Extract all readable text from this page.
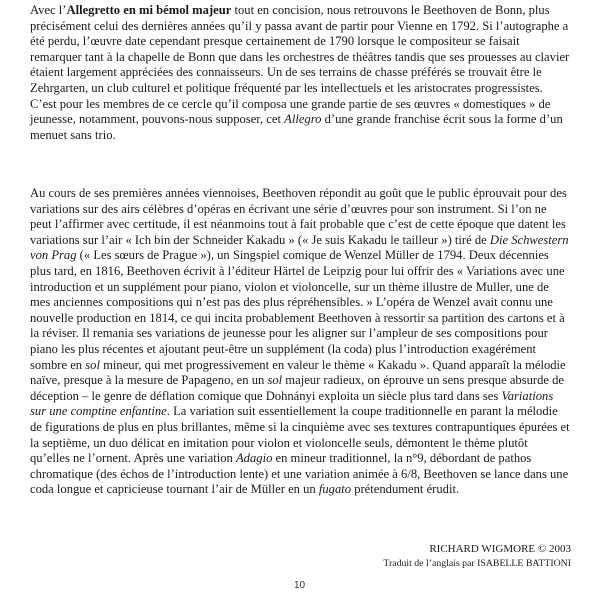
Avec l’Allegretto en mi bémol majeur tout en concision, nous retrouvons le Beethoven de Bonn, plus précisément celui des dernières années qu’il y passa avant de partir pour Vienne en 1792. Si l’autographe a été perdu, l’œuvre date cependant presque certainement de 1790 lorsque le compositeur se faisait remarquer tant à la chapelle de Bonn que dans les orchestres de théâtres tandis que ses prouesses au clavier étaient largement appréciées des connaisseurs. Un de ses terrains de chasse préférés se trouvait être le Zehrgarten, un club culturel et politique fréquenté par les intellectuels et les aristocrates progressistes. C’est pour les membres de ce cercle qu’il composa une grande partie de ses œuvres « domestiques » de jeunesse, notamment, pouvons-nous supposer, cet Allegro d’une grande franchise écrit sous la forme d’un menuet sans trio.

Au cours de ses premières années viennoises, Beethoven répondit au goût que le public éprouvait pour des variations sur des airs célèbres d’opéras en écrivant une série d’œuvres pour son instrument. Si l’on ne peut l’affirmer avec certitude, il est néanmoins tout à fait probable que c’est de cette époque que datent les variations sur l’air « Ich bin der Schneider Kakadu » (« Je suis Kakadu le tailleur ») tiré de Die Schwestern von Prag (« Les sœurs de Prague »), un Singspiel comique de Wenzel Müller de 1794. Deux décennies plus tard, en 1816, Beethoven écrivit à l’éditeur Härtel de Leipzig pour lui offrir des « Variations avec une introduction et un supplément pour piano, violon et violoncelle, sur un thème illustre de Muller, une de mes anciennes compositions qui n’est pas des plus répréhensibles. » L’opéra de Wenzel avait connu une nouvelle production en 1814, ce qui incita probablement Beethoven à ressortir sa partition des cartons et à la réviser. Il remania ses variations de jeunesse pour les aligner sur l’ampleur de ses compositions pour piano les plus récentes et ajoutant peut-être un supplément (la coda) plus l’introduction exagérément sombre en sol mineur, qui met progressivement en valeur le thème « Kakadu ». Quand apparaît la mélodie naïve, presque à la mesure de Papageno, en un sol majeur radieux, on éprouve un sens presque absurde de déception – le genre de déflation comique que Dohnányi exploita un siècle plus tard dans ses Variations sur une comptine enfantine. La variation suit essentiellement la coupe traditionnelle en parant la mélodie de figurations de plus en plus brillantes, même si la cinquième avec ses textures contrapuntiques épurées et la septième, un duo délicat en imitation pour violon et violoncelle seuls, démontent le thème plutôt qu’elles ne l’ornent. Après une variation Adagio en mineur traditionnel, la n°9, débordant de pathos chromatique (des échos de l’introduction lente) et une variation animée à 6/8, Beethoven se lance dans une coda longue et capricieuse tournant l’air de Müller en un fugato prétendument érudit.

RICHARD WIGMORE © 2003
Traduit de l’anglais par ISABELLE BATTIONI
10
